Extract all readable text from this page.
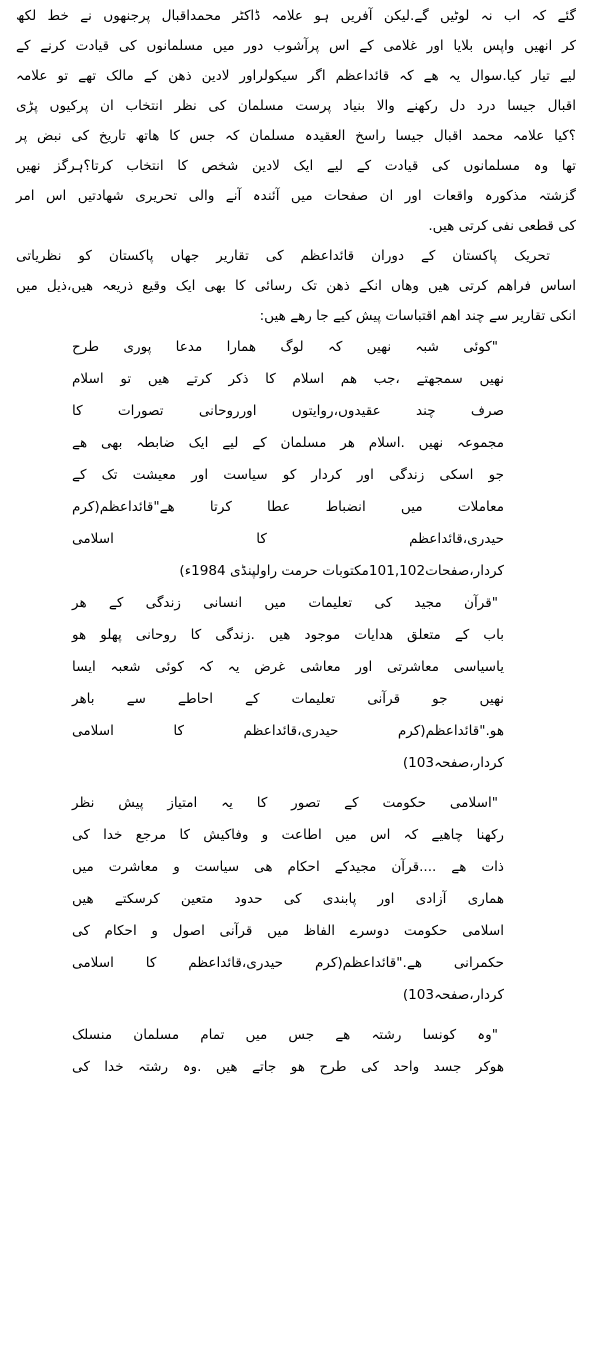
گئے کہ اب نہ لوٹیں گے.لیکن آفریں ہو علامہ ڈاکٹر محمداقبال پرجنھوں نے خط لکھ
کر انھیں واپس بلایا اور غلامی کے اس پرآشوب دور میں مسلمانوں کی قیادت کرنے کے
لیے تیار کیا.سوال یہ ھے کہ قائداعظم اگر سیکولراور لادین ذھن کے مالک تھے تو علامہ
اقبال جیسا درد دل رکھنے والا بنیاد پرست مسلمان کی نظر انتخاب ان پرکیوں پڑی
؟کیا علامہ محمد اقبال جیسا راسخ العقیدہ مسلمان کہ جس کا ھاتھ تاریخ کی نبض پر
تھا وہ مسلمانوں کی قیادت کے لیے ایک لادین شخص کا انتخاب کرتا؟ہرگز نھیں
گزشتہ مذکورہ واقعات اور ان صفحات میں آئندہ آنے والی تحریری شھادتیں اس امر
کی قطعی نفی کرتی ھیں.
تحریک پاکستان کے دوران قائداعظم کی تقاریر جھاں پاکستان کو نظریاتی
اساس فراھم کرتی ھیں وھاں انکے ذھن تک رسائی کا بھی ایک وقیع ذریعہ ھیں،ذیل میں
انکی تقاریر سے چند اھم اقتباسات پیش کیے جا رھے ھیں:
"کوئی شبہ نھیں کہ لوگ ھمارا مدعا پوری طرح
نھیں سمجھتے ،جب ھم اسلام کا ذکر کرتے ھیں تو اسلام
صرف چند عقیدوں،روایتوں اورروحانی تصورات کا
مجموعہ نھیں .اسلام ھر مسلمان کے لیے ایک ضابطہ بھی ھے
جو اسکی زندگی اور کردار کو سیاست اور معیشت تک کے
معاملات میں انضباط عطا کرتا ھے"قائداعظم(کرم
حیدری،قائداعظم کا اسلامی
کردار،صفحات101,102مکتوبات حرمت راولپنڈی 1984ء)
"قرآن مجید کی تعلیمات میں انسانی زندگی کے ھر
باب کے متعلق ھدایات موجود ھیں .زندگی کا روحانی پھلو ھو
یاسیاسی معاشرتی اور معاشی غرض یہ کہ کوئی شعبہ ایسا
نھیں جو قرآنی تعلیمات کے احاطے سے باھر
ھو."قائداعظم(کرم حیدری،قائداعظم کا اسلامی
کردار،صفحہ103)
"اسلامی حکومت کے تصور کا یہ امتیاز پیش نظر
رکھنا چاھیے کہ اس میں اطاعت و وفاکیش کا مرجع خدا کی
ذات ھے ....قرآن مجیدکے احکام ھی سیاست و معاشرت میں
ھماری آزادی اور پابندی کی حدود متعین کرسکتے ھیں
اسلامی حکومت دوسرے الفاظ میں قرآنی اصول و احکام کی
حکمرانی ھے."قائداعظم(کرم حیدری،قائداعظم کا اسلامی
کردار،صفحہ103)
"وہ کونسا رشتہ ھے جس میں تمام مسلمان منسلک
ھوکر جسد واحد کی طرح ھو جاتے ھیں .وہ رشتہ خدا کی
